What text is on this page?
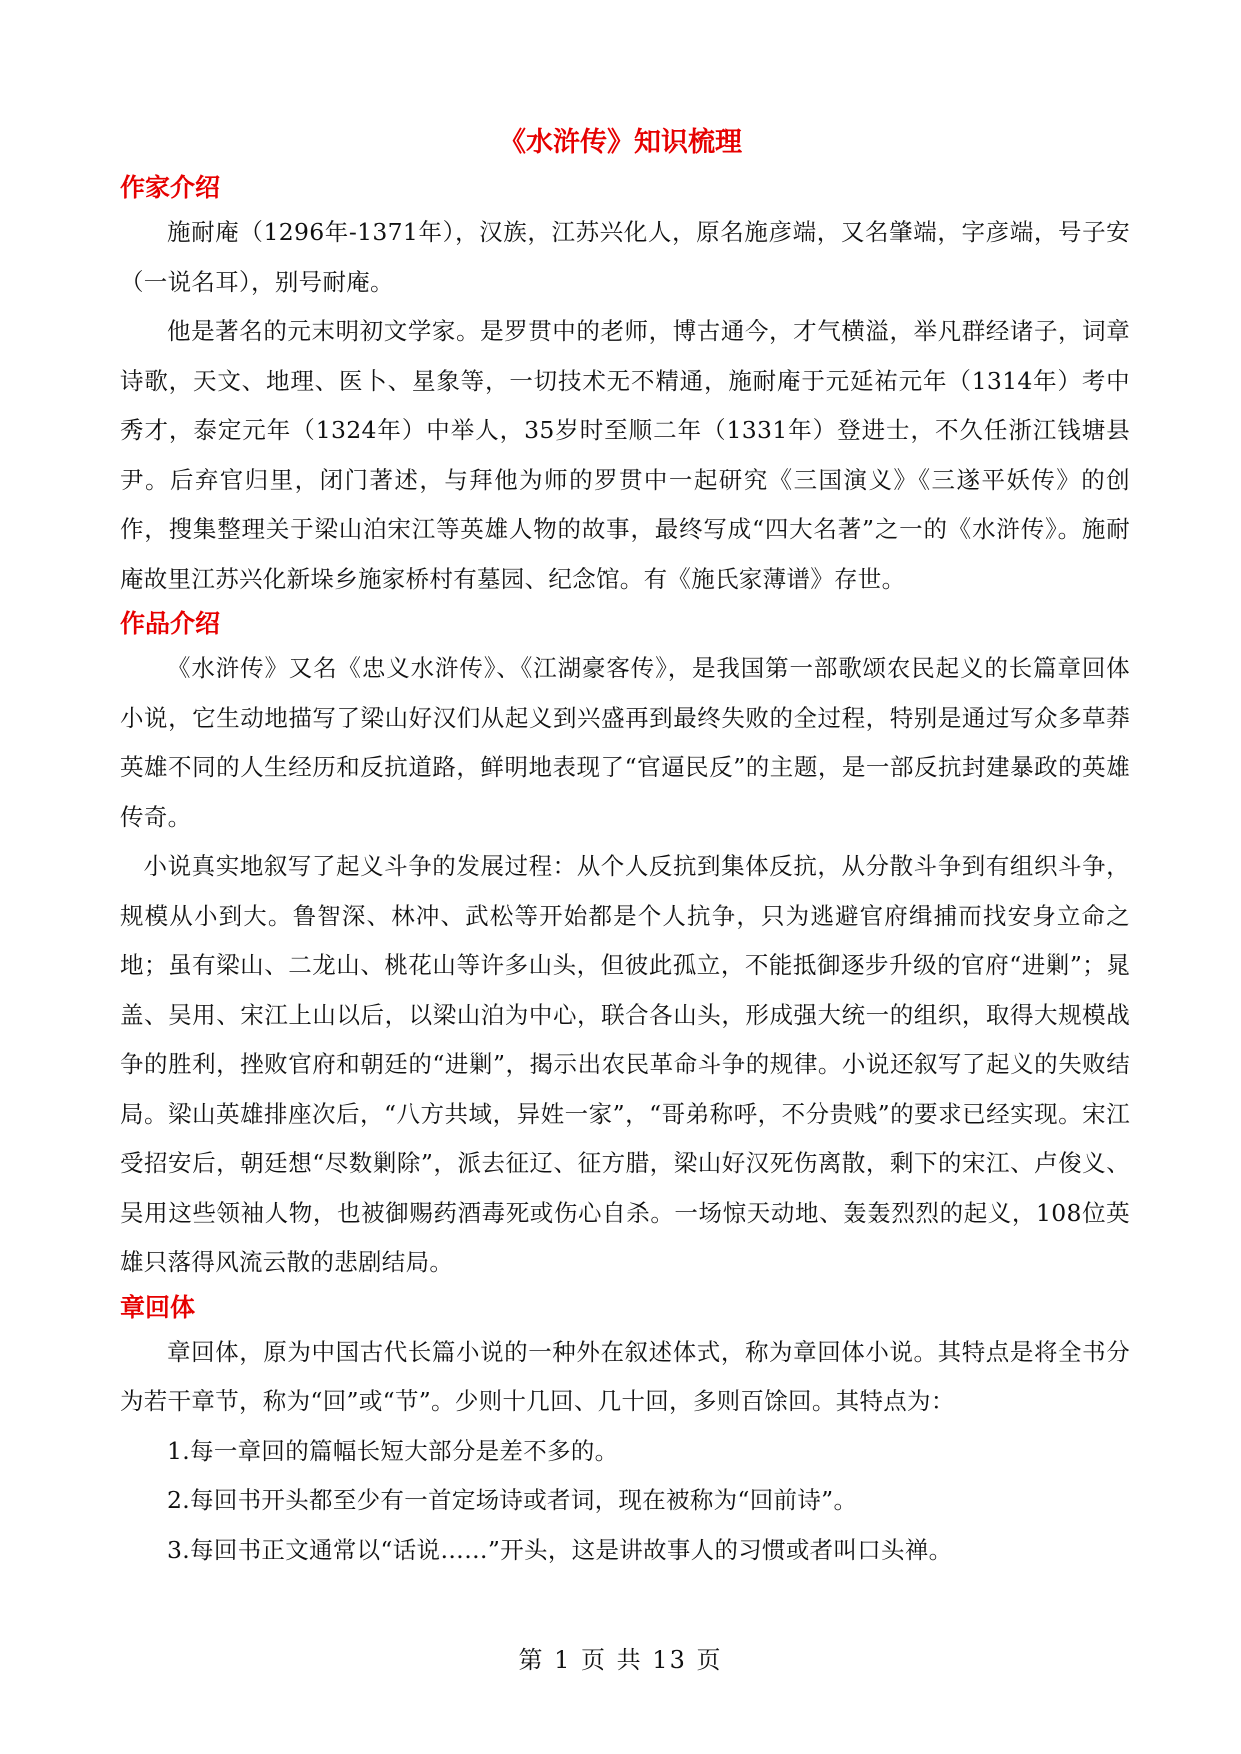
《水浒传》知识梳理
作家介绍

施耐庵（1296年-1371年），汉族，江苏兴化人，原名施彦端，又名肇端，字彦端，号子安（一说名耳），别号耐庵。

他是著名的元末明初文学家。是罗贯中的老师，博古通今，才气横溢，举凡群经诸子，词章诗歌，天文、地理、医卜、星象等，一切技术无不精通，施耐庵于元延祐元年（1314年）考中秀才，泰定元年（1324年）中举人，35岁时至顺二年（1331年）登进士，不久任浙江钱塘县尹。后弃官归里，闭门著述，与拜他为师的罗贯中一起研究《三国演义》《三遂平妖传》的创作，搜集整理关于梁山泊宋江等英雄人物的故事，最终写成“四大名著”之一的《水浒传》。施耐庵故里江苏兴化新垛乡施家桥村有墓园、纪念馆。有《施氏家薄谱》存世。

作品介绍

《水浒传》又名《忠义水浒传》、《江湖豪客传》，是我国第一部歌颂农民起义的长篇章回体小说，它生动地描写了梁山好汉们从起义到兴盛再到最终失败的全过程，特别是通过写众多草莽英雄不同的人生经历和反抗道路，鲜明地表现了“官逼民反”的主题，是一部反抗封建暴政的英雄传奇。

小说真实地叙写了起义斗争的发展过程：从个人反抗到集体反抗，从分散斗争到有组织斗争，规模从小到大。鲁智深、林冲、武松等开始都是个人抗争，只为逃避官府缉捕而找安身立命之地；虽有梁山、二龙山、桃花山等许多山头，但彼此孤立，不能抵御逐步升级的官府“进剿”；晁盖、吴用、宋江上山以后，以梁山泊为中心，联合各山头，形成强大统一的组织，取得大规模战争的胜利，挫败官府和朝廷的“进剿”，揭示出农民革命斗争的规律。小说还叙写了起义的失败结局。梁山英雄排座次后，“八方共域，异姓一家”，“哥弟称呼，不分贵贱”的要求已经实现。宋江受招安后，朝廷想“尽数剿除”，派去征辽、征方腊，梁山好汉死伤离散，剩下的宋江、卢俊义、吴用这些领袖人物，也被御赐药酒毒死或伤心自杀。一场惊天动地、轰轰烈烈的起义，108位英雄只落得风流云散的悲剧结局。

章回体

章回体，原为中国古代长篇小说的一种外在叙述体式，称为章回体小说。其特点是将全书分为若干章节，称为“回”或“节”。少则十几回、几十回，多则百馀回。其特点为：

1.每一章回的篇幅长短大部分是差不多的。

2.每回书开头都至少有一首定场诗或者词，现在被称为“回前诗”。

3.每回书正文通常以“话说……”开头，这是讲故事人的习惯或者叫口头禅。

第 1 页 共 13 页
